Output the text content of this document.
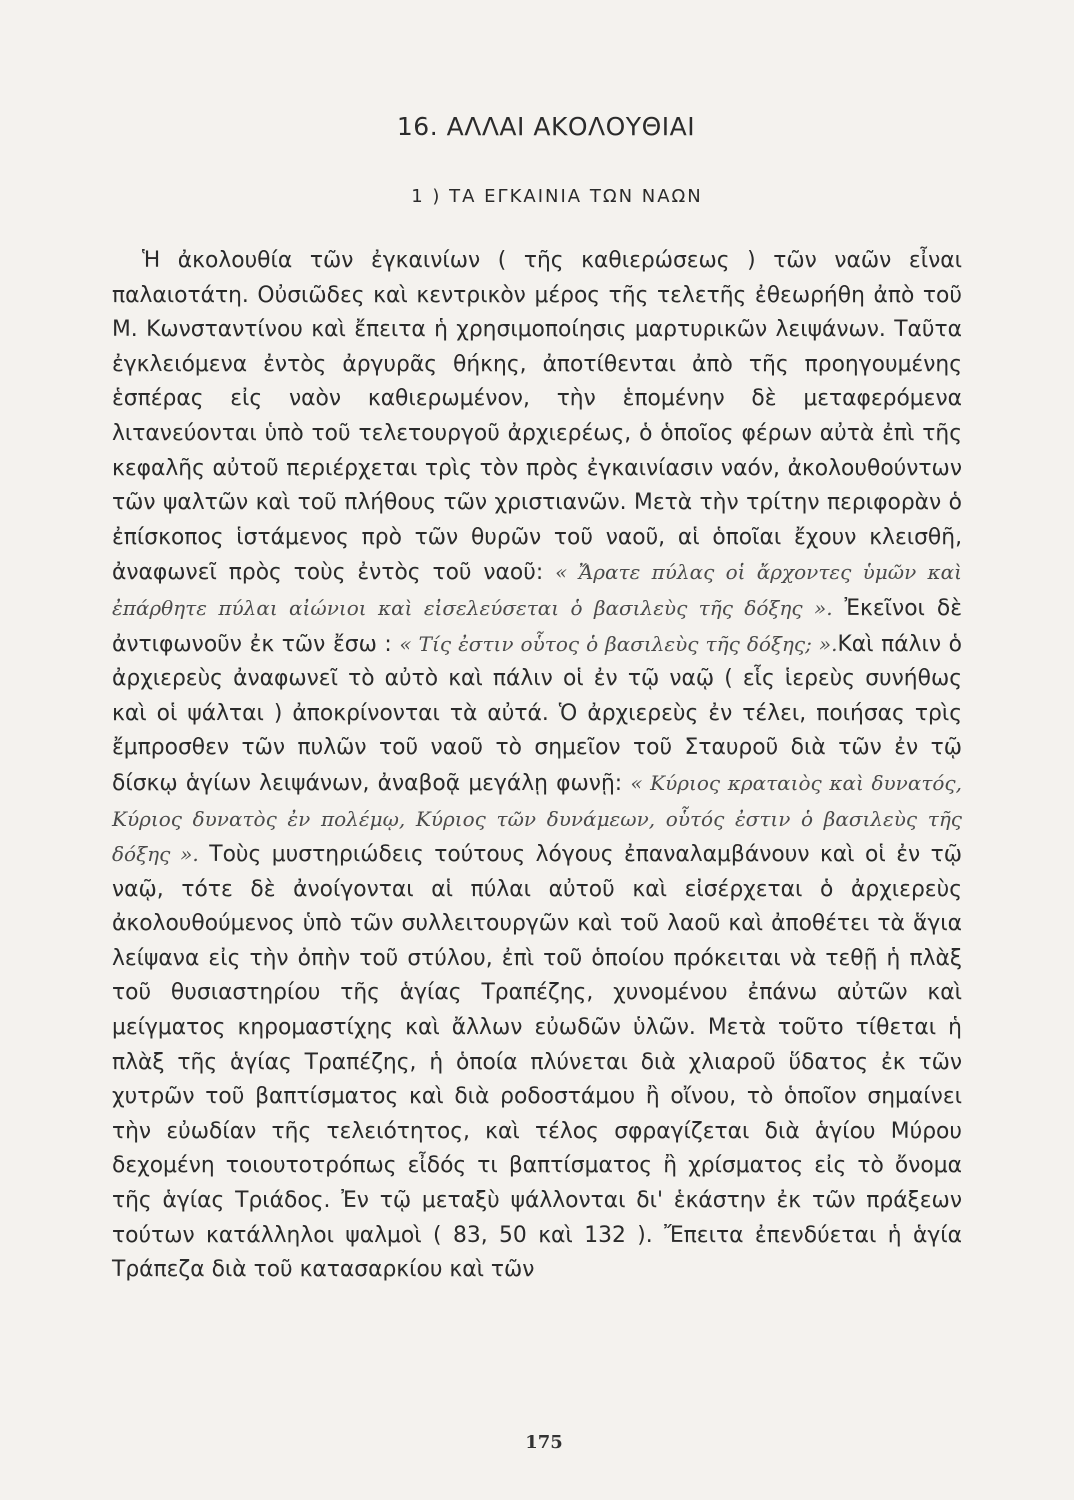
16. ΑΛΛΑΙ ΑΚΟΛΟΥΘΙΑΙ
1 ) ΤΑ ΕΓΚΑΙΝΙΑ ΤΩΝ ΝΑΩΝ
Ἡ ἀκολουθία τῶν ἐγκαινίων ( τῆς καθιερώσεως ) τῶν ναῶν εἶναι παλαιοτάτη. Οὐσιῶδες καὶ κεντρικὸν μέρος τῆς τελετῆς ἐθεωρήθη ἀπὸ τοῦ Μ. Κωνσταντίνου καὶ ἔπειτα ἡ χρησιμοποίησις μαρτυρικῶν λειψάνων. Ταῦτα ἐγκλειόμενα ἐντὸς ἀργυρᾶς θήκης, ἀποτίθενται ἀπὸ τῆς προηγουμένης ἑσπέρας εἰς ναὸν καθιερωμένον, τὴν ἑπομένην δὲ μεταφερόμενα λιτανεύονται ὑπὸ τοῦ τελετουργοῦ ἀρχιερέως, ὁ ὁποῖος φέρων αὐτὰ ἐπὶ τῆς κεφαλῆς αὐτοῦ περιέρχεται τρὶς τὸν πρὸς ἐγκαινίασιν ναόν, ἀκολουθούντων τῶν ψαλτῶν καὶ τοῦ πλήθους τῶν χριστιανῶν. Μετὰ τὴν τρίτην περιφορὰν ὁ ἐπίσκοπος ἱστάμενος πρὸ τῶν θυρῶν τοῦ ναοῦ, αἱ ὁποῖαι ἔχουν κλεισθῆ, ἀναφωνεῖ πρὸς τοὺς ἐντὸς τοῦ ναοῦ: « Ἄρατε πύλας οἱ ἄρχοντες ὑμῶν καὶ ἐπάρθητε πύλαι αἰώνιοι καὶ εἰσελεύσεται ὁ βασιλεὺς τῆς δόξης ». Ἐκεῖνοι δὲ ἀντιφωνοῦν ἐκ τῶν ἔσω : « Τίς ἐστιν οὗτος ὁ βασιλεὺς τῆς δόξης; ».Καὶ πάλιν ὁ ἀρχιερεὺς ἀναφωνεῖ τὸ αὐτὸ καὶ πάλιν οἱ ἐν τῷ ναῷ ( εἷς ἱερεὺς συνήθως καὶ οἱ ψάλται ) ἀποκρίνονται τὰ αὐτά. Ὁ ἀρχιερεὺς ἐν τέλει, ποιήσας τρὶς ἔμπροσθεν τῶν πυλῶν τοῦ ναοῦ τὸ σημεῖον τοῦ Σταυροῦ διὰ τῶν ἐν τῷ δίσκῳ ἁγίων λειψάνων, ἀναβοᾷ μεγάλῃ φωνῇ: « Κύριος κραταιὸς καὶ δυνατός, Κύριος δυνατὸς ἐν πολέμῳ, Κύριος τῶν δυνάμεων, οὗτός ἐστιν ὁ βασιλεὺς τῆς δόξης ». Τοὺς μυστηριώδεις τούτους λόγους ἐπαναλαμβάνουν καὶ οἱ ἐν τῷ ναῷ, τότε δὲ ἀνοίγονται αἱ πύλαι αὐτοῦ καὶ εἰσέρχεται ὁ ἀρχιερεὺς ἀκολουθούμενος ὑπὸ τῶν συλλειτουργῶν καὶ τοῦ λαοῦ καὶ ἀποθέτει τὰ ἅγια λείψανα εἰς τὴν ὀπὴν τοῦ στύλου, ἐπὶ τοῦ ὁποίου πρόκειται νὰ τεθῇ ἡ πλὰξ τοῦ θυσιαστηρίου τῆς ἁγίας Τραπέζης, χυνομένου ἐπάνω αὐτῶν καὶ μείγματος κηρομαστίχης καὶ ἄλλων εὐωδῶν ὑλῶν. Μετὰ τοῦτο τίθεται ἡ πλὰξ τῆς ἁγίας Τραπέζης, ἡ ὁποία πλύνεται διὰ χλιαροῦ ὕδατος ἐκ τῶν χυτρῶν τοῦ βαπτίσματος καὶ διὰ ροδοστάμου ἢ οἴνου, τὸ ὁποῖον σημαίνει τὴν εὐωδίαν τῆς τελειότητος, καὶ τέλος σφραγίζεται διὰ ἁγίου Μύρου δεχομένη τοιουτοτρόπως εἶδός τι βαπτίσματος ἢ χρίσματος εἰς τὸ ὄνομα τῆς ἁγίας Τριάδος. Ἐν τῷ μεταξὺ ψάλλονται δι' ἑκάστην ἐκ τῶν πράξεων τούτων κατάλληλοι ψαλμοὶ ( 83, 50 καὶ 132 ). Ἔπειτα ἐπενδύεται ἡ ἁγία Τράπεζα διὰ τοῦ κατασαρκίου καὶ τῶν
175
